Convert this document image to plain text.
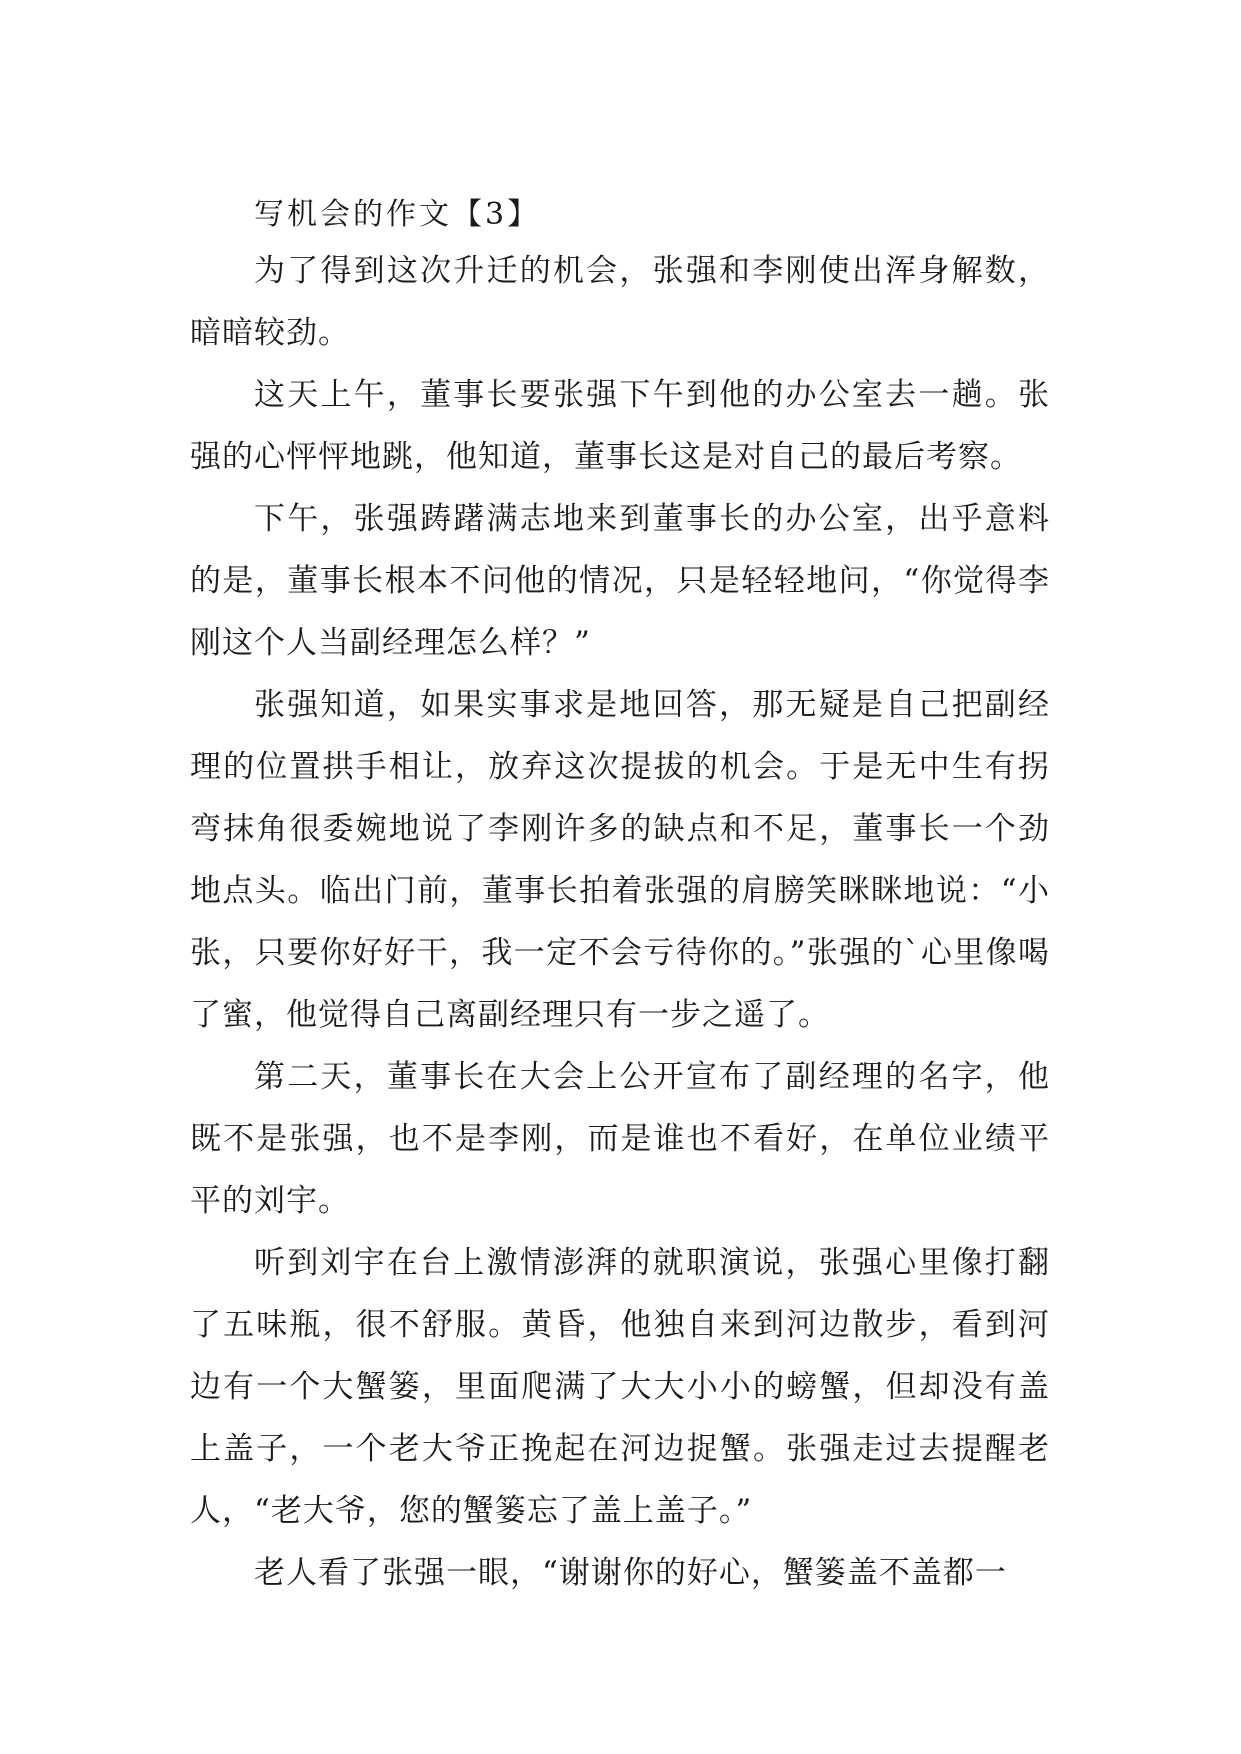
写机会的作文【3】

为了得到这次升迁的机会，张强和李刚使出浑身解数，暗暗较劲。

这天上午，董事长要张强下午到他的办公室去一趟。张强的心怦怦地跳，他知道，董事长这是对自己的最后考察。

下午，张强踌躇满志地来到董事长的办公室，出乎意料的是，董事长根本不问他的情况，只是轻轻地问，“你觉得李刚这个人当副经理怎么样？”

张强知道，如果实事求是地回答，那无疑是自己把副经理的位置拱手相让，放弃这次提拔的机会。于是无中生有拐弯抹角很委婉地说了李刚许多的缺点和不足，董事长一个劲地点头。临出门前，董事长拍着张强的肩膀笑眯眯地说：“小张，只要你好好干，我一定不会亏待你的。”张强的`心里像喝了蜜，他觉得自己离副经理只有一步之遥了。

第二天，董事长在大会上公开宣布了副经理的名字，他既不是张强，也不是李刚，而是谁也不看好，在单位业绩平平的刘宇。

听到刘宇在台上激情澎湃的就职演说，张强心里像打翻了五味瓶，很不舒服。黄昏，他独自来到河边散步，看到河边有一个大蟹篓，里面爬满了大大小小的螃蟹，但却没有盖上盖子，一个老大爷正挽起在河边捉蟹。张强走过去提醒老人，“老大爷，您的蟹篓忘了盖上盖子。”

老人看了张强一眼，“谢谢你的好心，蟹篓盖不盖都一
